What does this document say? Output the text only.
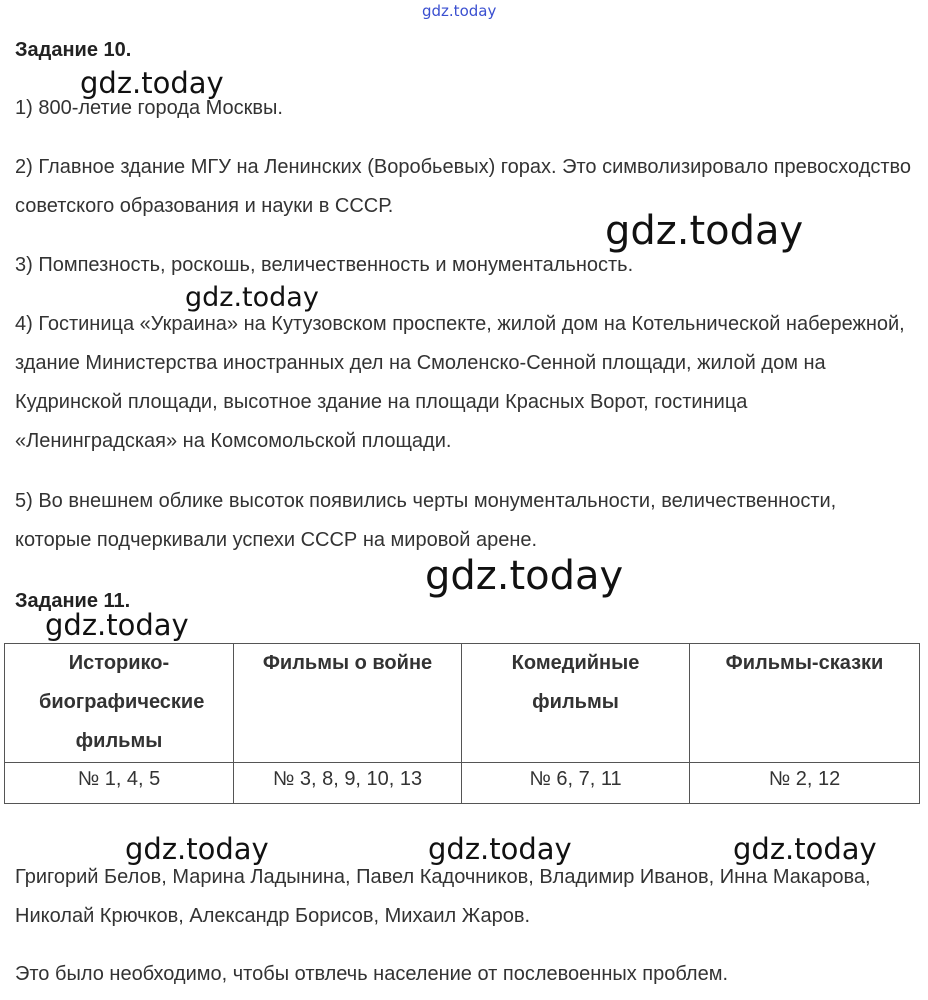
gdz.today
gdz.today
gdz.today
gdz.today
gdz.today
gdz.today
gdz.today	gdz.today	gdz.today
Задание 10.

1) 800-летие города Москвы.

2) Главное здание МГУ на Ленинских (Воробьевых) горах. Это символизировало превосходство советского образования и науки в СССР.

3) Помпезность, роскошь, величественность и монументальность.

4) Гостиница «Украина» на Кутузовском проспекте, жилой дом на Котельнической набережной, здание Министерства иностранных дел на Смоленско-Сенной площади, жилой дом на Кудринской площади, высотное здание на площади Красных Ворот, гостиница «Ленинградская» на Комсомольской площади.

5) Во внешнем облике высоток появились черты монументальности, величественности, которые подчеркивали успехи СССР на мировой арене.

Задание 11.
Историко-биографические фильмы	Фильмы о войне	Комедийные фильмы	Фильмы-сказки
№ 1, 4, 5	№ 3, 8, 9, 10, 13	№ 6, 7, 11	№ 2, 12

Григорий Белов, Марина Ладынина, Павел Кадочников, Владимир Иванов, Инна Макарова, Николай Крючков, Александр Борисов, Михаил Жаров.

Это было необходимо, чтобы отвлечь население от послевоенных проблем.
